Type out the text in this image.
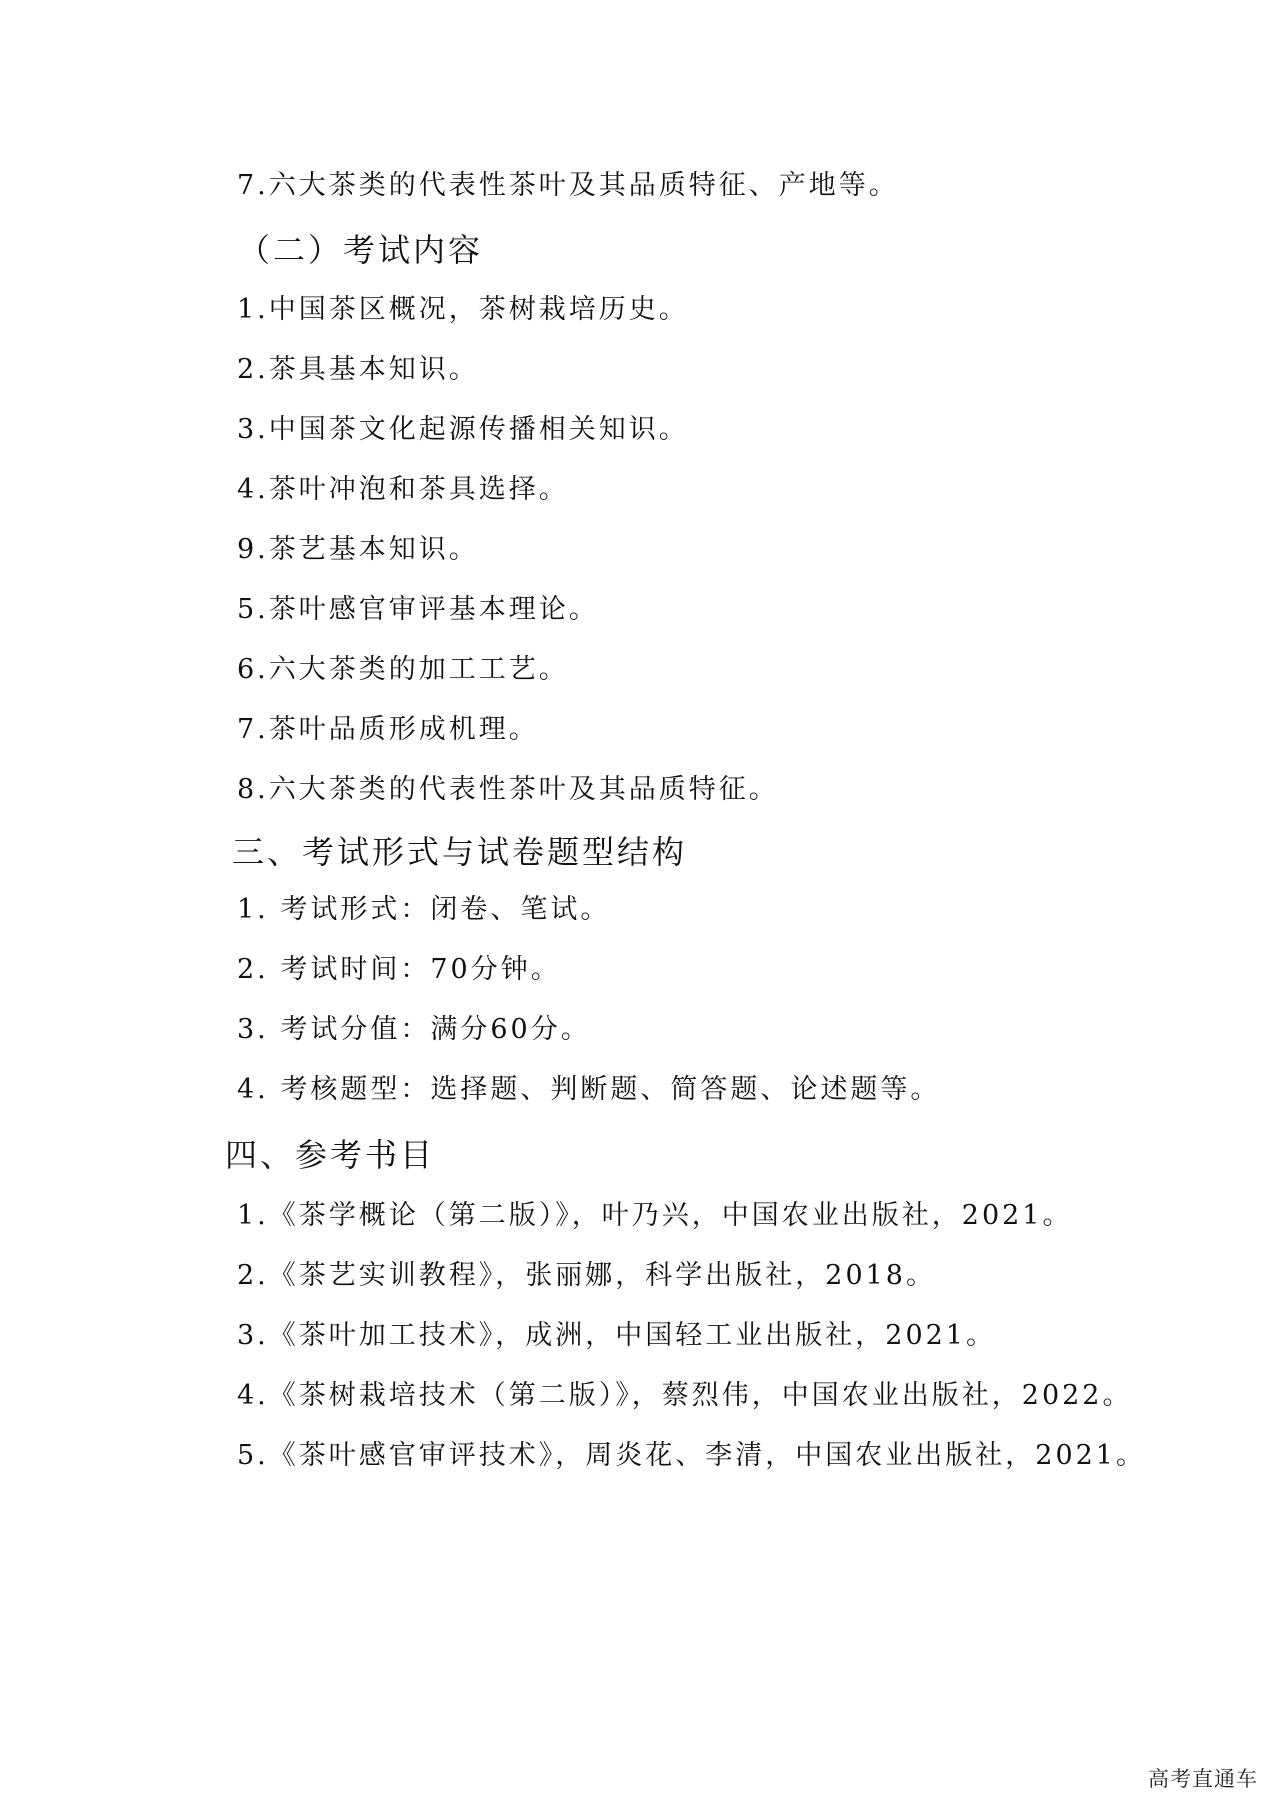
7.六大茶类的代表性茶叶及其品质特征、产地等。
（二）考试内容
1.中国茶区概况，茶树栽培历史。
2.茶具基本知识。
3.中国茶文化起源传播相关知识。
4.茶叶冲泡和茶具选择。
9.茶艺基本知识。
5.茶叶感官审评基本理论。
6.六大茶类的加工工艺。
7.茶叶品质形成机理。
8.六大茶类的代表性茶叶及其品质特征。
三、考试形式与试卷题型结构
1. 考试形式：闭卷、笔试。
2. 考试时间：70分钟。
3. 考试分值：满分60分。
4. 考核题型：选择题、判断题、简答题、论述题等。
四、参考书目
1.《茶学概论（第二版）》，叶乃兴，中国农业出版社，2021。
2.《茶艺实训教程》，张丽娜，科学出版社，2018。
3.《茶叶加工技术》，成洲，中国轻工业出版社，2021。
4.《茶树栽培技术（第二版）》，蔡烈伟，中国农业出版社，2022。
5.《茶叶感官审评技术》，周炎花、李清，中国农业出版社，2021。
高考直通车
